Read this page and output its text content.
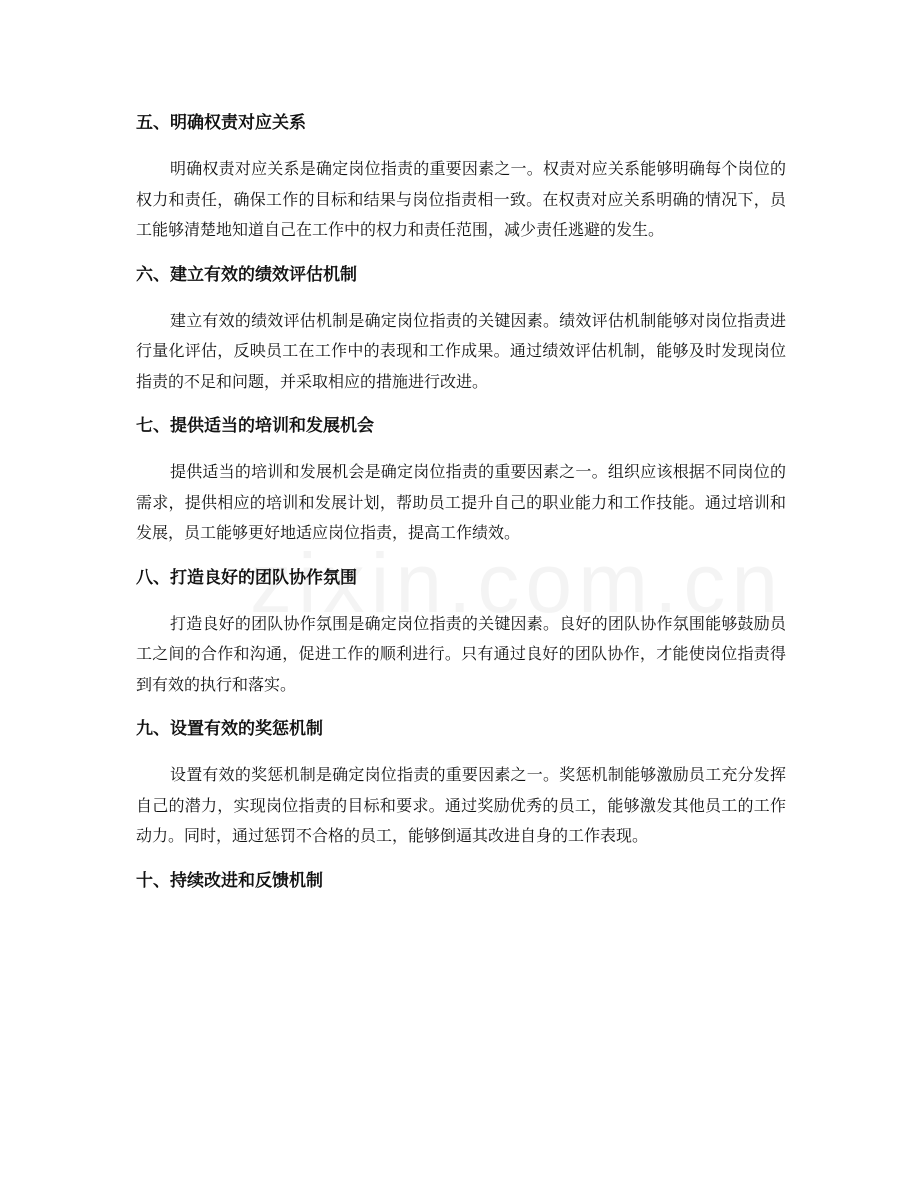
五、明确权责对应关系

明确权责对应关系是确定岗位指责的重要因素之一。权责对应关系能够明确每个岗位的权力和责任，确保工作的目标和结果与岗位指责相一致。在权责对应关系明确的情况下，员工能够清楚地知道自己在工作中的权力和责任范围，减少责任逃避的发生。

六、建立有效的绩效评估机制

建立有效的绩效评估机制是确定岗位指责的关键因素。绩效评估机制能够对岗位指责进行量化评估，反映员工在工作中的表现和工作成果。通过绩效评估机制，能够及时发现岗位指责的不足和问题，并采取相应的措施进行改进。

七、提供适当的培训和发展机会

提供适当的培训和发展机会是确定岗位指责的重要因素之一。组织应该根据不同岗位的需求，提供相应的培训和发展计划，帮助员工提升自己的职业能力和工作技能。通过培训和发展，员工能够更好地适应岗位指责，提高工作绩效。

八、打造良好的团队协作氛围

打造良好的团队协作氛围是确定岗位指责的关键因素。良好的团队协作氛围能够鼓励员工之间的合作和沟通，促进工作的顺利进行。只有通过良好的团队协作，才能使岗位指责得到有效的执行和落实。

九、设置有效的奖惩机制

设置有效的奖惩机制是确定岗位指责的重要因素之一。奖惩机制能够激励员工充分发挥自己的潜力，实现岗位指责的目标和要求。通过奖励优秀的员工，能够激发其他员工的工作动力。同时，通过惩罚不合格的员工，能够倒逼其改进自身的工作表现。

十、持续改进和反馈机制
